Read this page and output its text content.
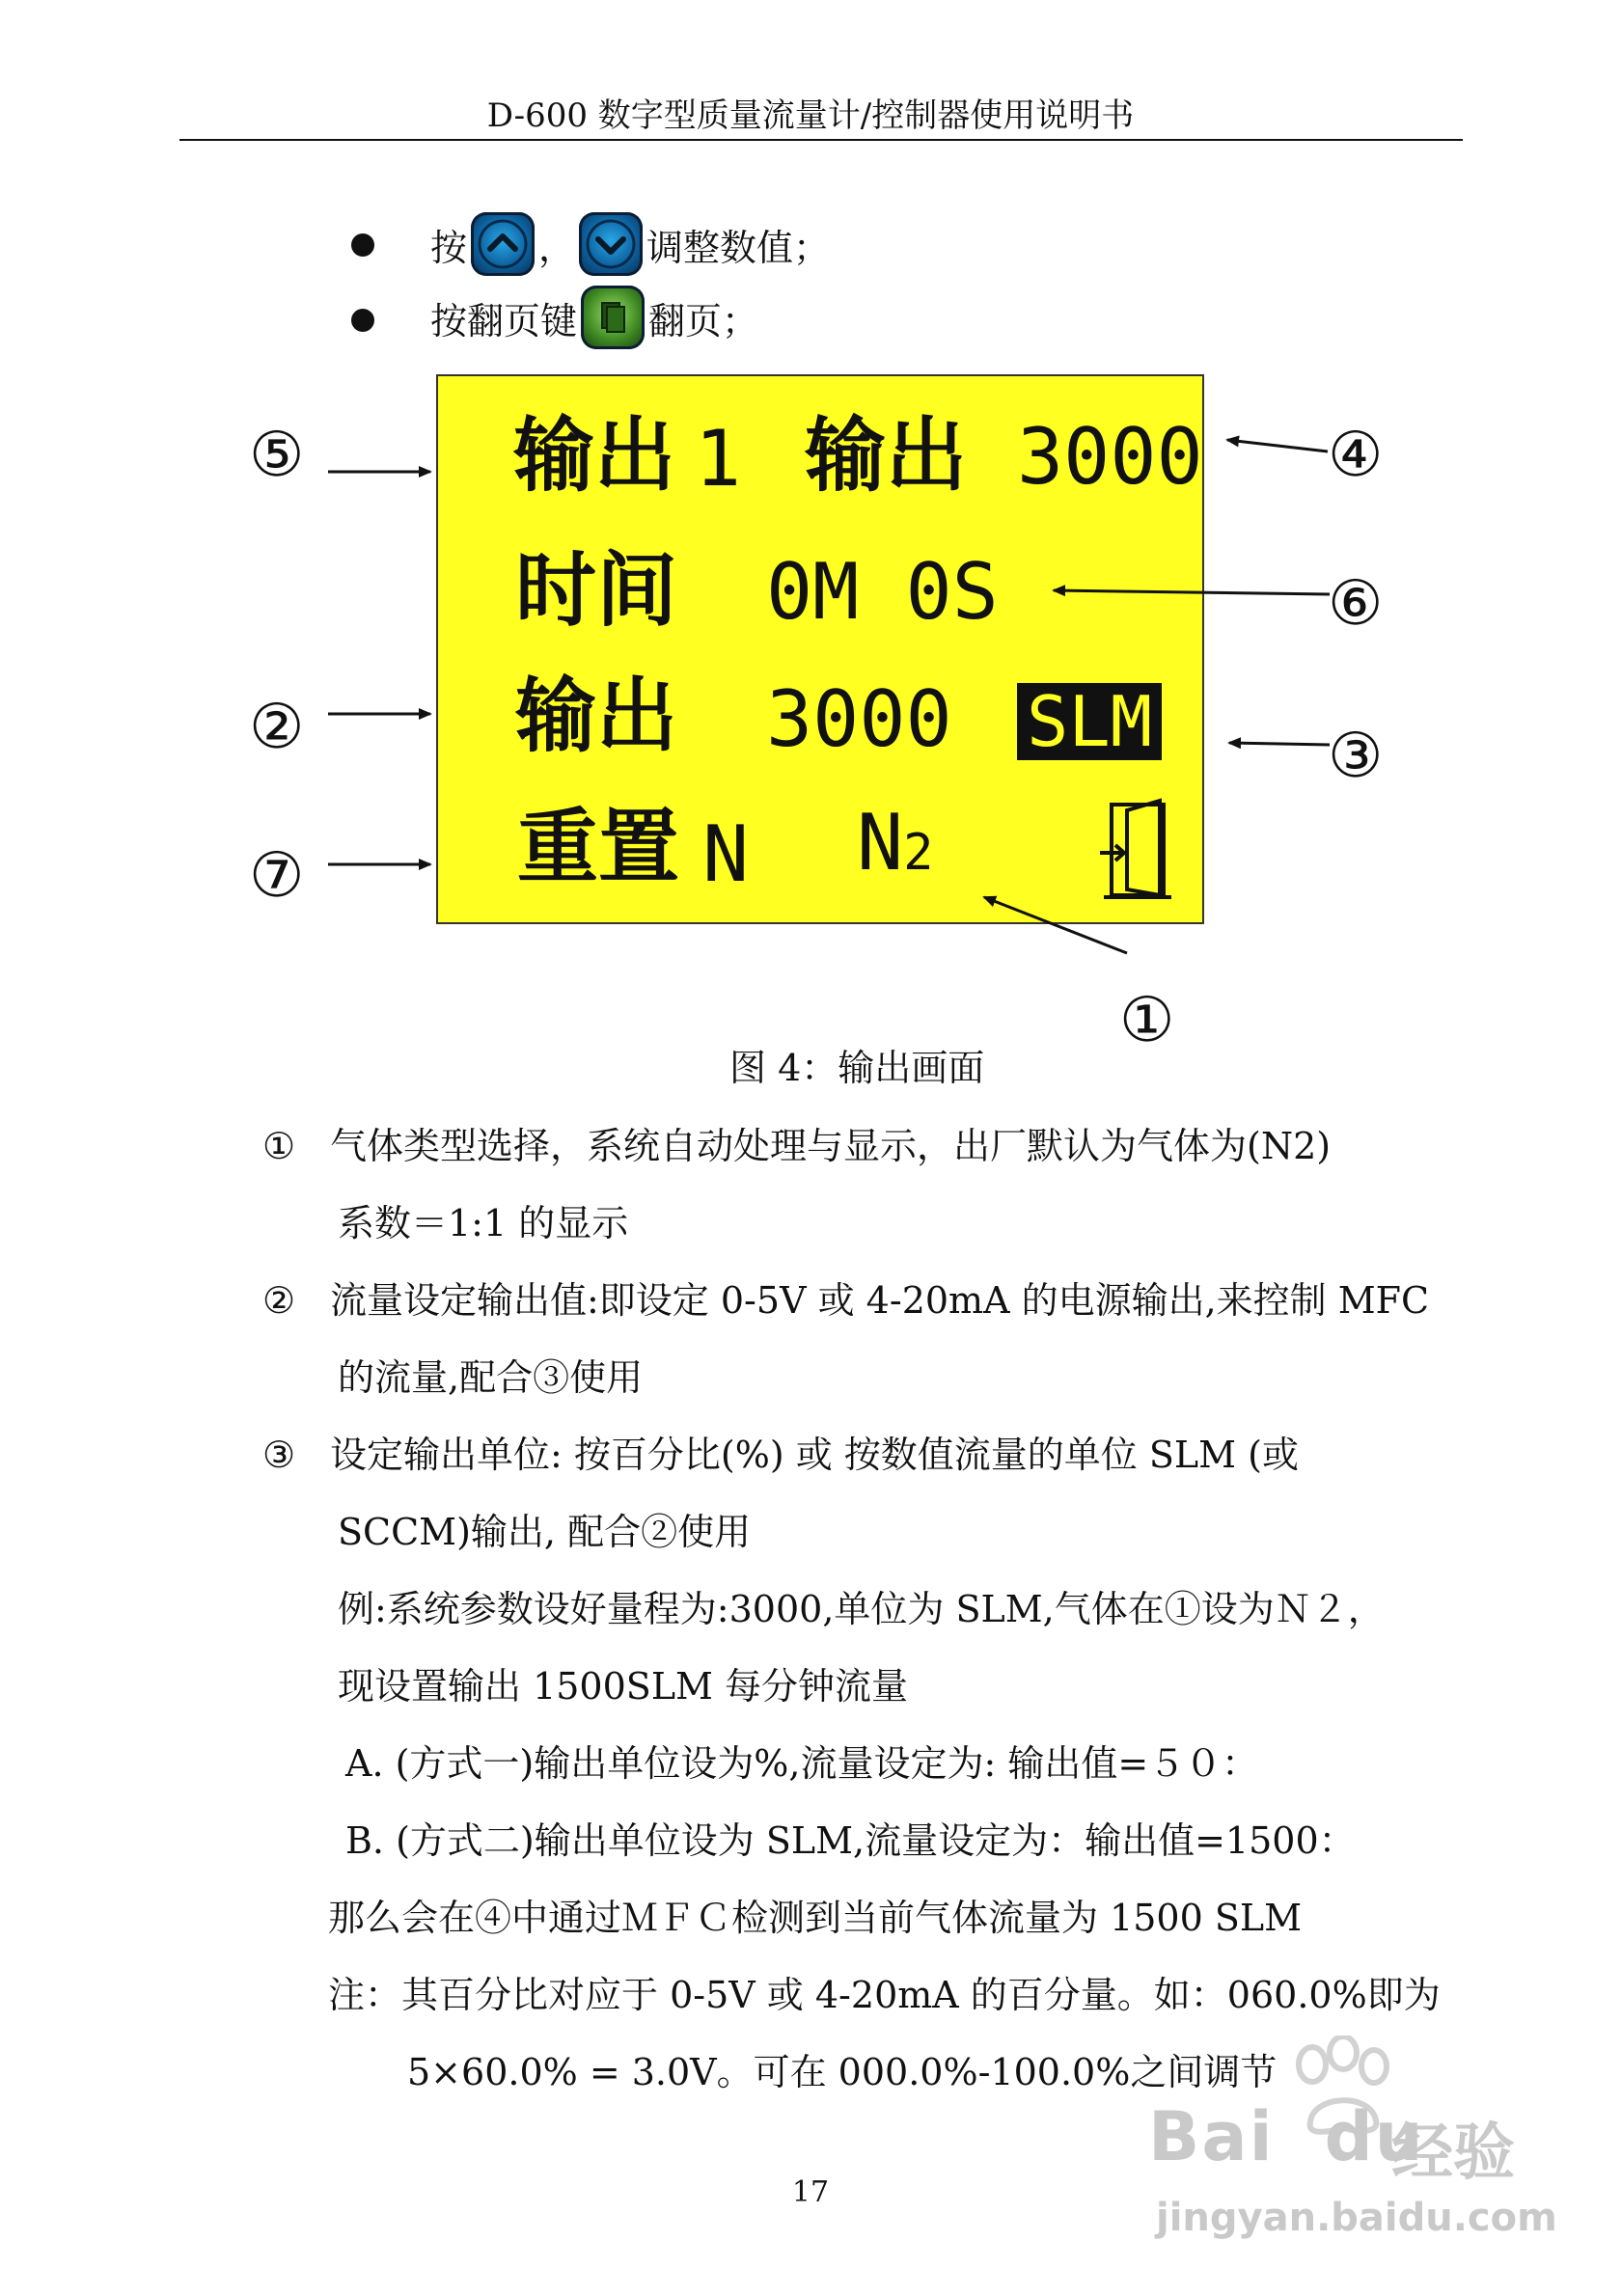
D-600 数字型质量流量计/控制器使用说明书
按 ， 调整数值；
按翻页键 翻页；
输出 1 输出 3000
时间 0M 0S
输出 3000 SLM
重置 N N2
⑤	④
⑥
②	③
⑦
①
图 4：输出画面
① 气体类型选择，系统自动处理与显示，出厂默认为气体为(N2)
系数＝1:1 的显示
② 流量设定输出值:即设定 0-5V 或 4-20mA 的电源输出,来控制 MFC
的流量,配合③使用
③ 设定输出单位: 按百分比(%) 或 按数值流量的单位 SLM (或
SCCM)输出, 配合②使用
例:系统参数设好量程为:3000,单位为 SLM,气体在①设为Ｎ２，
现设置输出 1500SLM 每分钟流量
A. (方式一)输出单位设为%,流量设定为: 输出值=５０：
B. (方式二)输出单位设为 SLM,流量设定为：输出值=1500：
那么会在④中通过ＭＦＣ检测到当前气体流量为 1500 SLM
注：其百分比对应于 0-5V 或 4-20mA 的百分量。如：060.0%即为
5×60.0% = 3.0V。可在 000.0%-100.0%之间调节
17
Bai du
经验
jingyan.baidu.com
